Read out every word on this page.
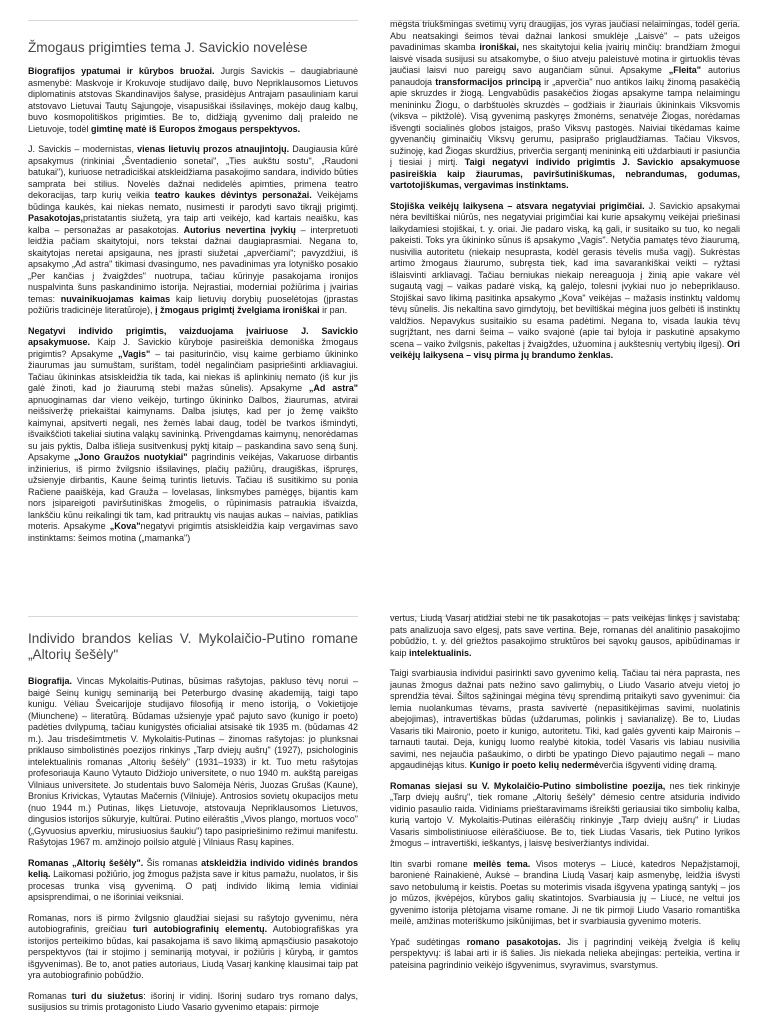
Žmogaus prigimties tema J. Savickio novelėse

Biografijos ypatumai ir kūrybos bruožai. Jurgis Savickis – daugiabriaunė asmenybė: Maskvoje ir Krokuvoje studijavo dailę, buvo Nepriklausomos Lietuvos diplomatinis atstovas Skandinavijos šalyse, prasidėjus Antrajam pasauliniam karui atstovavo Lietuvai Tautų Sąjungoje, visapusiškai išsilavinęs, mokėjo daug kalbų, buvo kosmopolitiškos prigimties. Be to, didžiąją gyvenimo dalį praleido ne Lietuvoje, todėl gimtinę matė iš Europos žmogaus perspektyvos.

J. Savickis – modernistas, vienas lietuvių prozos atnaujintojų. Daugiausia kūrė apsakymus (rinkiniai „Šventadienio sonetai", „Ties aukštu sostu", „Raudoni batukai"), kuriuose netradiciškai atskleidžiama pasakojimo sandara, individo būties samprata bei stilius. Novelės dažnai nedidelės apimties, primena teatro dekoracijas, tarp kurių veikia teatro kaukes dėvintys personažai. Veikėjams būdinga kaukės, kai niekas nemato, nusimesti ir parodyti savo tikrąjį prigimtį. Pasakotojas,pristatantis siužetą, yra taip arti veikėjo, kad kartais neaišku, kas kalba – personažas ar pasakotojas. Autorius nevertina įvykių – interpretuoti leidžia pačiam skaitytojui, nors tekstai dažnai daugiaprasmiai. Negana to, skaitytojas neretai apsigauna, nes įprasti siužetai „apverčiami"; pavyzdžiui, iš apsakymo „Ad astra" tikimasi dvasingumo, nes pavadinimas yra lotyniško posakio „Per kančias į žvaigždes" nuotrupa, tačiau kūrinyje pasakojama ironijos nuspalvinta šuns paskandinimo istorija. Nejrastiai, moderniai požiūrima į įvairias temas: nuvainikuojamas kaimas kaip lietuvių dorybių puoselėtojas (įprastas požiūris tradicinėje literatūroje), į žmogaus prigimtį žvelgiama ironiškai ir pan.

Negatyvi individo prigimtis, vaizduojama įvairiuose J. Savickio apsakymuose. Kaip J. Savickio kūryboje pasireiškia demoniška žmogaus prigimtis? Apsakyme „Vagis" – tai pasiturinčio, visų kaime gerbiamo ūkininko žiaurumas jau sumuštam, surištam, todėl negalinčiam pasipriešinti arkliavagiui. Tačiau ūkininkas atsiskleidžia tik tada, kai niekas iš aplinkinių nemato (iš kur jis galė žinoti, kad jo žiaurumą stebi mažas sūnelis). Apsakyme „Ad astra" apnuoginamas dar vieno veikėjo, turtingo ūkininko Dalbos, žiaurumas, atvirai neišsiveržę priekaištai kaimynams. Dalba įsiutęs, kad per jo žemę vaikšto kaimynai, apsitverti negali, nes žemės labai daug, todėl be tvarkos išmindyti, išvaikščioti takeliai siutina valąkų savininką. Privengdamas kaimynų, nenorėdamas su jais pyktis, Dalba išlieja susitvenkusį pyktį kitaip – paskandina savo seną šunį. Apsakyme „Jono Graužos nuotykiai" pagrindinis veikėjas, Vakaruose dirbantis inžinierius, iš pirmo žvilgsnio išsilavinęs, plačių pažiūrų, draugiškas, išpruręs, užsienyje dirbantis, Kaune šeimą turintis lietuvis. Tačiau iš susitikimo su ponia Račiene paaiškėja, kad Grauža – lovelasas, linksmybes pamėgęs, bijantis kam nors įsipareigoti paviršutiniškas žmogelis, o rūpinimasis patraukia išvaizda, lankščiu kūnu reikalingi tik tam, kad pritrauktų vis naujas aukas – naivias, patiklias moteris. Apsakyme „Kova"negatyvi prigimtis atsiskleidžia kaip vergavimas savo instinktams: šeimos motina („mamanka")

mėgsta triukšmingas svetimų vyrų draugijas, jos vyras jaučiasi nelaimingas, todėl geria. Abu neatsakingi šeimos tėvai dažnai lankosi smuklėje „Laisvė" – pats užeigos pavadinimas skamba ironiškai, nes skaitytojui kelia įvairių minčių: brandžiam žmogui laisvė visada susijusi su atsakomybe, o šiuo atveju paleistuvė motina ir girtuoklis tėvas jaučiasi laisvi nuo pareigų savo augančiam sūnui. Apsakyme „Fleita" autorius panaudoja transformacijos principą ir „apverčia" nuo antikos laikų žinomą pasakėčią apie skruzdes ir žiogą. Lengvabūdis pasakėčios žiogas apsakyme tampa nelaimingu menininku Žiogu, o darbštuolės skruzdės – godžiais ir žiauriais ūkininkais Viksvomis (viksva – piktžolė). Visą gyvenimą paskyręs žmonėms, senatvėje Žiogas, norėdamas išvengti socialinės globos įstaigos, prašo Viksvų pastogės. Naiviai tikėdamas kaime gyvenančių giminaičių Viksvų gerumu, pasiprašo priglaudžiamas. Tačiau Viksvos, sužinoję, kad Žiogas skurdžius, priverčia sergantį menininką eiti uždarbiauti ir pasiunčia į tiesiai į mirtį. Taigi negatyvi individo prigimtis J. Savickio apsakymuose pasireiškia kaip žiaurumas, paviršutiniškumas, nebrandumas, godumas, vartotojiškumas, vergavimas instinktams.

Stojiška veikėjų laikysena – atsvara negatyviai prigimčiai. J. Savickio apsakymai nėra beviltiškai niūrūs, nes negatyviai prigimčiai kai kurie apsakymų veikėjai priešinasi laikydamiesi stojiškai, t. y. oriai. Jie padaro viską, ką gali, ir susitaiko su tuo, ko negali pakeisti. Toks yra ūkininko sūnus iš apsakymo „Vagis". Netyčia pamatęs tėvo žiaurumą, nusivilia autoritetu (niekaip nesuprasta, kodėl gerasis tėvelis muša vagį). Sukrėstas artimo žmogaus žiaurumo, subręsta tiek, kad ima savarankiškai veikti – ryžtasi išlaisvinti arkliavagį. Tačiau berniukas niekaip nereaguoja į žinią apie vakare vėl sugautą vagį – vaikas padarė viską, ką galėjo, tolesni įvykiai nuo jo nebepriklauso. Stojiškai savo likimą pasitinka apsakymo „Kova" veikėjas – mažasis instinktų valdomų tėvų sūnelis. Jis nekaltina savo gimdytojų, bet beviltiškai mėgina juos gelbėti iš instinktų valdžios. Nepavykus susitaikio su esama padėtimi. Negana to, visada laukia tėvų sugrįžtant, nes darni šeima – vaiko svajonė (apie tai byloja ir paskutinė apsakymo scena – vaiko žvilgsnis, pakeltas į žvaigždes, užuomina į aukštesnių vertybių ilgesį). Ori veikėjų laikysena – visų pirma jų brandumo ženklas.

Individo brandos kelias V. Mykolaičio-Putino romane „Altorių šešėly"

Biografija. Vincas Mykolaitis-Putinas, būsimas rašytojas, pakluso tėvų norui – baigė Seinų kunigų seminariją bei Peterburgo dvasinę akademiją, taigi tapo kunigu. Vėliau Šveicarijoje studijavo filosofiją ir meno istoriją, o Vokietijoje (Miunchene) – literatūrą. Būdamas užsienyje ypač pajuto savo (kunigo ir poeto) padėties dvilypumą, tačiau kunigystės oficialiai atsisakė tik 1935 m. (būdamas 42 m.). Jau trisdešimtmetis V. Mykolaitis-Putinas – žinomas rašytojas: jo plunksnai priklauso simbolistinės poezijos rinkinys „Tarp dviejų aušrų" (1927), psichologinis intelektualinis romanas „Altorių šešėly" (1931–1933) ir kt. Tuo metu rašytojas profesoriauja Kauno Vytauto Didžiojo universitete, o nuo 1940 m. aukštą pareigas Vilniaus universitete. Jo studentais buvo Salomėja Nėris, Juozas Grušas (Kaune), Bronius Krivickas, Vytautas Mačernis (Vilniuje). Antrosios sovietų okupacijos metu (nuo 1944 m.) Putinas, likęs Lietuvoje, atstovauja Nepriklausomos Lietuvos, dingusios istorijos sūkuryje, kultūrai. Putino eilėraštis „Vivos plango, mortuos voco" („Gyvuosius apverkiu, mirusiuosius šaukiu") tapo pasipriešinimo režimui manifestu. Rašytojas 1967 m. amžinojo poilsio atgulė į Vilniaus Rasų kapines.

Romanas „Altorių šešėly". Šis romanas atskleidžia individo vidinės brandos kelią. Laikomasi požiūrio, jog žmogus pažįsta save ir kitus pamažu, nuolatos, ir šis procesas trunka visą gyvenimą. O patį individo likimą lemia vidiniai apsisprendimai, o ne išoriniai veiksniai.

Romanas, nors iš pirmo žvilgsnio glaudžiai siejasi su rašytojo gyvenimu, nėra autobiografinis, greičiau turi autobiografinių elementų. Autobiografiškas yra istorijos perteikimo būdas, kai pasakojama iš savo likimą apmąsčiusio pasakotojo perspektyvos (tai ir stojimo į seminariją motyvai, ir požiūris į kūrybą, ir gamtos išgyvenimas). Be to, anot paties autoriaus, Liudą Vasarį kankinę klausimai taip pat yra autobiografinio pobūdžio.

Romanas turi du siužetus: išorinį ir vidinį. Išorinį sudaro trys romano dalys, susijusios su trimis protagonisto Liudo Vasario gyvenimo etapais: pirmoje

vertus, Liudą Vasarį atidžiai stebi ne tik pasakotojas – pats veikėjas linkęs į savistabą: pats analizuoja savo elgesį, pats save vertina. Beje, romanas dėl analitinio pasakojimo pobūdžio, t. y. dėl griežtos pasakojimo struktūros bei sąvokų gausos, apibūdinamas ir kaip intelektualinis.

Taigi svarbiausia individui pasirinkti savo gyvenimo kelią. Tačiau tai nėra paprasta, nes jaunas žmogus dažnai pats nežino savo galimybių, o Liudo Vasario atveju vietoj jo sprendžia tėvai. Šiltos sąžiningai mėgina tėvų sprendimą pritaikyti savo gyvenimui: čia lemia nuolankumas tėvams, prasta savivertė (nepasitikėjimas savimi, nuolatinis abejojimas), intravertiškas būdas (uždarumas, polinkis į savianalizę). Be to, Liudas Vasaris tiki Maironio, poeto ir kunigo, autoritetu. Tiki, kad galės gyventi kaip Maironis – tarnauti tautai. Deja, kunigų luomo realybė kitokia, todėl Vasaris vis labiau nusivilia savimi, nes nejaučia pašaukimo, o dirbti be ypatingo Dievo pajautimo negali – mano apgaudinėjąs kitus. Kunigo ir poeto kelių nedermėverčia išgyventi vidinę dramą.

Romanas siejasi su V. Mykolaičio-Putino simbolistine poezija, nes tiek rinkinyje „Tarp dviejų aušrų", tiek romane „Altorių šešėly" dėmesio centre atsiduria individo vidinio pasaulio raida. Vidiniams prieštaravimams išreikšti geriausiai tiko simbolių kalba, kurią vartojo V. Mykolaitis-Putinas eilėraščių rinkinyje „Tarp dviejų aušrų" ir Liudas Vasaris simbolistiniuose eilėraščiuose. Be to, tiek Liudas Vasaris, tiek Putino lyrikos žmogus – intravertiški, ieškantys, į laisvę besiveržiantys individai.

Itin svarbi romane meilės tema. Visos moterys – Liucė, katedros Nepažįstamoji, baronienė Rainakienė, Auksė – brandina Liudą Vasarį kaip asmenybę, leidžia išvysti savo netobulumą ir keistis. Poetas su moterimis visada išgyvena ypatingą santykį – jos jo mūzos, įkvėpėjos, kūrybos galių skatintojos. Svarbiausia jų – Liucė, ne veltui jos gyvenimo istorija plėtojama visame romane. Ji ne tik pirmoji Liudo Vasario romantiška meilė, amžinas moteriškumo įsikūnijimas, bet ir svarbiausia gyvenimo moteris.

Ypač sudėtingas romano pasakotojas. Jis į pagrindinį veikėją žvelgia iš kelių perspektyvų: iš labai arti ir iš šalies. Jis niekada nelieka abejingas: perteikia, vertina ir pateisina pagrindinio veikėjo išgyvenimus, svyravimus, svarstymus.
